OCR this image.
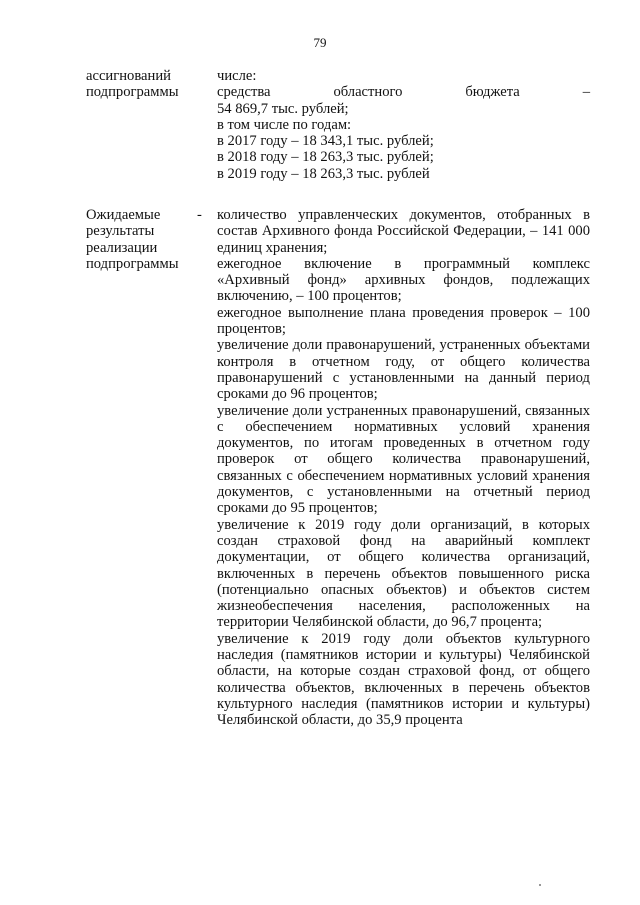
79
ассигнований
подпрограммы
числе:
средства областного бюджета –
54 869,7 тыс. рублей;
в том числе по годам:
в 2017 году – 18 343,1 тыс. рублей;
в 2018 году – 18 263,3 тыс. рублей;
в 2019 году – 18 263,3 тыс. рублей
Ожидаемые
результаты
реализации
подпрограммы
- количество управленческих документов, отобранных в состав Архивного фонда Российской Федерации, – 141 000 единиц хранения;

ежегодное включение в программный комплекс «Архивный фонд» архивных фондов, подлежащих включению, – 100 процентов;

ежегодное выполнение плана проведения проверок – 100 процентов;

увеличение доли правонарушений, устраненных объектами контроля в отчетном году, от общего количества правонарушений с установленными на данный период сроками до 96 процентов;

увеличение доли устраненных правонарушений, связанных с обеспечением нормативных условий хранения документов, по итогам проведенных в отчетном году проверок от общего количества правонарушений, связанных с обеспечением нормативных условий хранения документов, с установленными на отчетный период сроками до 95 процентов;

увеличение к 2019 году доли организаций, в которых создан страховой фонд на аварийный комплект документации, от общего количества организаций, включенных в перечень объектов повышенного риска (потенциально опасных объектов) и объектов систем жизнеобеспечения населения, расположенных на территории Челябинской области, до 96,7 процента;

увеличение к 2019 году доли объектов культурного наследия (памятников истории и культуры) Челябинской области, на которые создан страховой фонд, от общего количества объектов, включенных в перечень объектов культурного наследия (памятников истории и культуры) Челябинской области, до 35,9 процента
